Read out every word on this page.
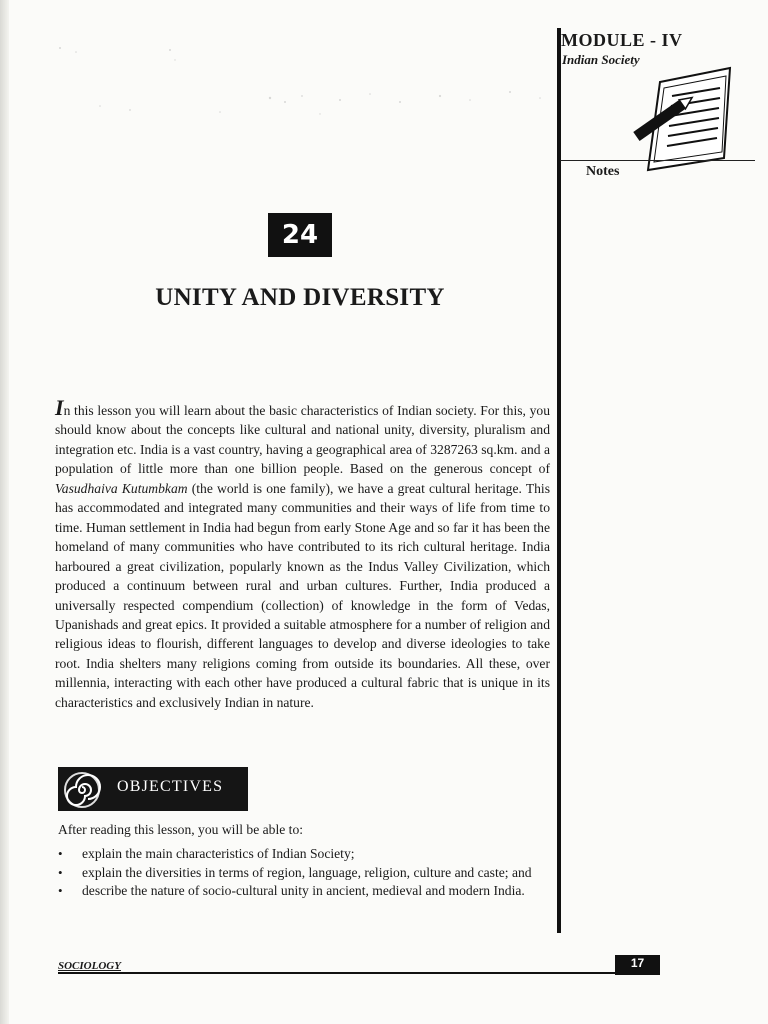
MODULE - IV
Indian Society
Notes
24
UNITY AND DIVERSITY

In this lesson you will learn about the basic characteristics of Indian society. For this, you should know about the concepts like cultural and national unity, diversity, pluralism and integration etc. India is a vast country, having a geographical area of 3287263 sq.km. and a population of little more than one billion people. Based on the generous concept of Vasudhaiva Kutumbkam (the world is one family), we have a great cultural heritage. This has accommodated and integrated many communities and their ways of life from time to time. Human settlement in India had begun from early Stone Age and so far it has been the homeland of many communities who have contributed to its rich cultural heritage. India harboured a great civilization, popularly known as the Indus Valley Civilization, which produced a continuum between rural and urban cultures. Further, India produced a universally respected compendium (collection) of knowledge in the form of Vedas, Upanishads and great epics. It provided a suitable atmosphere for a number of religion and religious ideas to flourish, different languages to develop and diverse ideologies to take root. India shelters many religions coming from outside its boundaries. All these, over millennia, interacting with each other have produced a cultural fabric that is unique in its characteristics and exclusively Indian in nature.

OBJECTIVES
After reading this lesson, you will be able to:
• explain the main characteristics of Indian Society;
• explain the diversities in terms of region, language, religion, culture and caste; and
• describe the nature of socio-cultural unity in ancient, medieval and modern India.
SOCIOLOGY	17
